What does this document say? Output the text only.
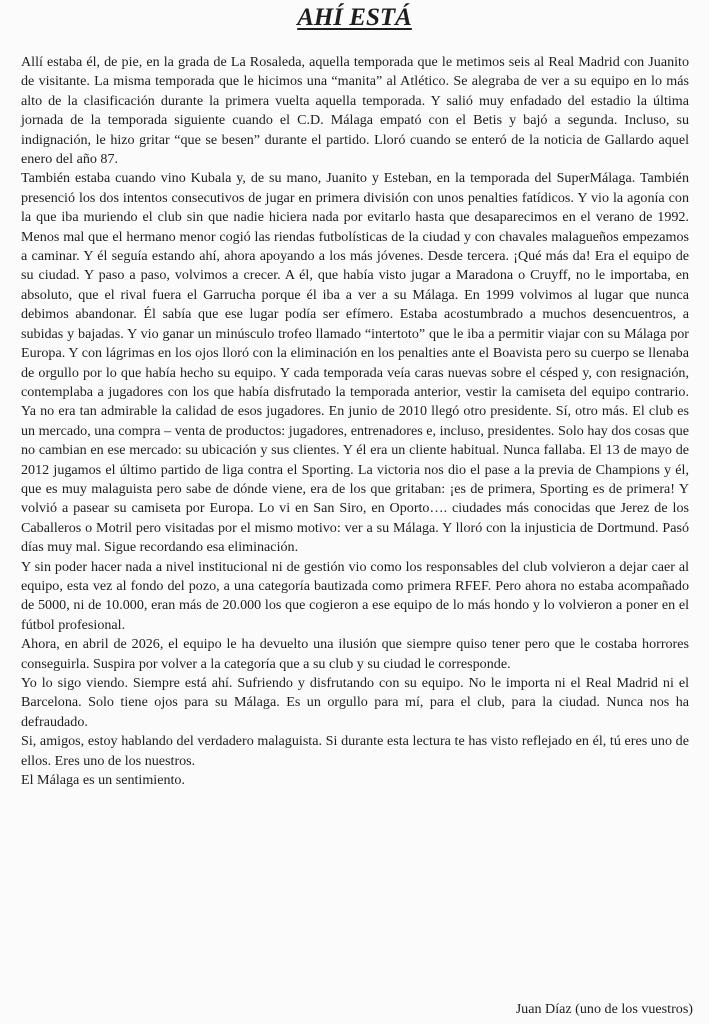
AHÍ ESTÁ

Allí estaba él, de pie, en la grada de La Rosaleda, aquella temporada que le metimos seis al Real Madrid con Juanito de visitante. La misma temporada que le hicimos una “manita” al Atlético. Se alegraba de ver a su equipo en lo más alto de la clasificación durante la primera vuelta aquella temporada. Y salió muy enfadado del estadio la última jornada de la temporada siguiente cuando el C.D. Málaga empató con el Betis y bajó a segunda. Incluso, su indignación, le hizo gritar “que se besen” durante el partido. Lloró cuando se enteró de la noticia de Gallardo aquel enero del año 87.

También estaba cuando vino Kubala y, de su mano, Juanito y Esteban, en la temporada del SuperMálaga. También presenció los dos intentos consecutivos de jugar en primera división con unos penalties fatídicos. Y vio la agonía con la que iba muriendo el club sin que nadie hiciera nada por evitarlo hasta que desaparecimos en el verano de 1992. Menos mal que el hermano menor cogió las riendas futbolísticas de la ciudad y con chavales malagueños empezamos a caminar. Y él seguía estando ahí, ahora apoyando a los más jóvenes. Desde tercera. ¡Qué más da! Era el equipo de su ciudad. Y paso a paso, volvimos a crecer. A él, que había visto jugar a Maradona o Cruyff, no le importaba, en absoluto, que el rival fuera el Garrucha porque él iba a ver a su Málaga. En 1999 volvimos al lugar que nunca debimos abandonar. Él sabía que ese lugar podía ser efímero. Estaba acostumbrado a muchos desencuentros, a subidas y bajadas. Y vio ganar un minúsculo trofeo llamado “intertoto” que le iba a permitir viajar con su Málaga por Europa. Y con lágrimas en los ojos lloró con la eliminación en los penalties ante el Boavista pero su cuerpo se llenaba de orgullo por lo que había hecho su equipo. Y cada temporada veía caras nuevas sobre el césped y, con resignación, contemplaba a jugadores con los que había disfrutado la temporada anterior, vestir la camiseta del equipo contrario. Ya no era tan admirable la calidad de esos jugadores. En junio de 2010 llegó otro presidente. Sí, otro más. El club es un mercado, una compra – venta de productos: jugadores, entrenadores e, incluso, presidentes. Solo hay dos cosas que no cambian en ese mercado: su ubicación y sus clientes. Y él era un cliente habitual. Nunca fallaba. El 13 de mayo de 2012 jugamos el último partido de liga contra el Sporting. La victoria nos dio el pase a la previa de Champions y él, que es muy malaguista pero sabe de dónde viene, era de los que gritaban: ¡es de primera, Sporting es de primera! Y volvió a pasear su camiseta por Europa. Lo vi en San Siro, en Oporto…. ciudades más conocidas que Jerez de los Caballeros o Motril pero visitadas por el mismo motivo: ver a su Málaga. Y lloró con la injusticia de Dortmund. Pasó días muy mal. Sigue recordando esa eliminación.

Y sin poder hacer nada a nivel institucional ni de gestión vio como los responsables del club volvieron a dejar caer al equipo, esta vez al fondo del pozo, a una categoría bautizada como primera RFEF. Pero ahora no estaba acompañado de 5000, ni de 10.000, eran más de 20.000 los que cogieron a ese equipo de lo más hondo y lo volvieron a poner en el fútbol profesional.

Ahora, en abril de 2026, el equipo le ha devuelto una ilusión que siempre quiso tener pero que le costaba horrores conseguirla. Suspira por volver a la categoría que a su club y su ciudad le corresponde.

Yo lo sigo viendo. Siempre está ahí. Sufriendo y disfrutando con su equipo. No le importa ni el Real Madrid ni el Barcelona. Solo tiene ojos para su Málaga. Es un orgullo para mí, para el club, para la ciudad. Nunca nos ha defraudado.

Si, amigos, estoy hablando del verdadero malaguista. Si durante esta lectura te has visto reflejado en él, tú eres uno de ellos. Eres uno de los nuestros.

El Málaga es un sentimiento.

Juan Díaz (uno de los vuestros)
